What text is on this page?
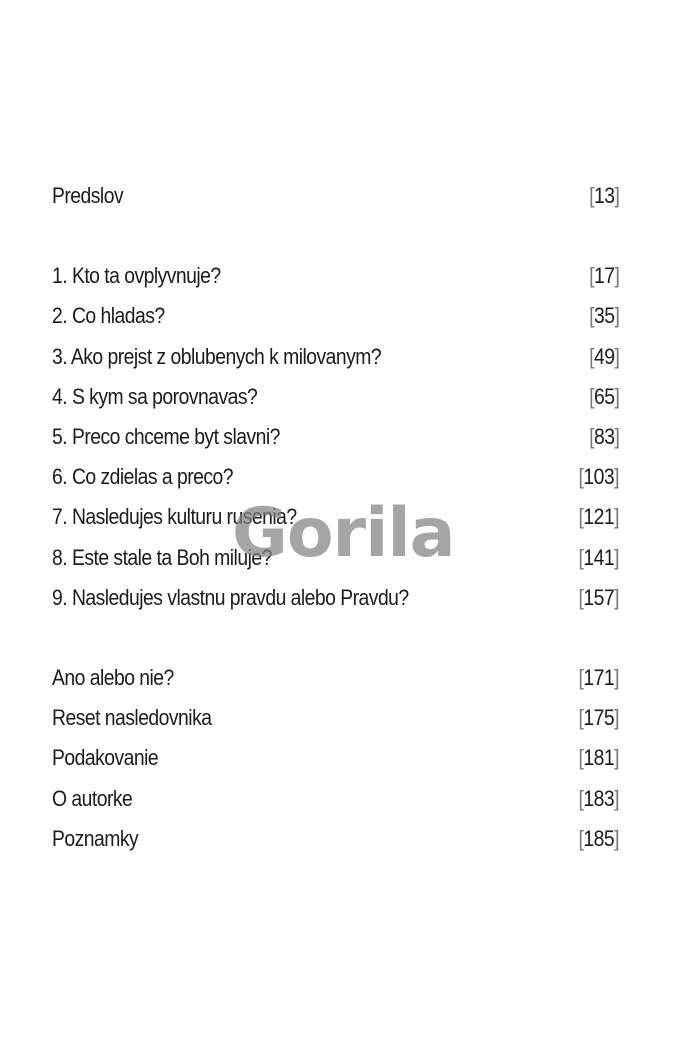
Predslov	[ 13 ]
1. Kto ta ovplyvnuje?	[ 17 ]
2. Co hladas?	[ 35 ]
3. Ako prejst z oblubenych k milovanym?	[ 49 ]
4. S kym sa porovnavas?	[ 65 ]
5. Preco chceme byt slavni?	[ 83 ]
6. Co zdielas a preco?	[ 103 ]
7. Nasledujes kulturu rusenia?	[ 121 ]
8. Este stale ta Boh miluje?	[ 141 ]
9. Nasledujes vlastnu pravdu alebo Pravdu?	[ 157 ]
Ano alebo nie?	[ 171 ]
Reset nasledovnika	[ 175 ]
Podakovanie	[ 181 ]
O autorke	[ 183 ]
Poznamky	[ 185 ]
Gorila
